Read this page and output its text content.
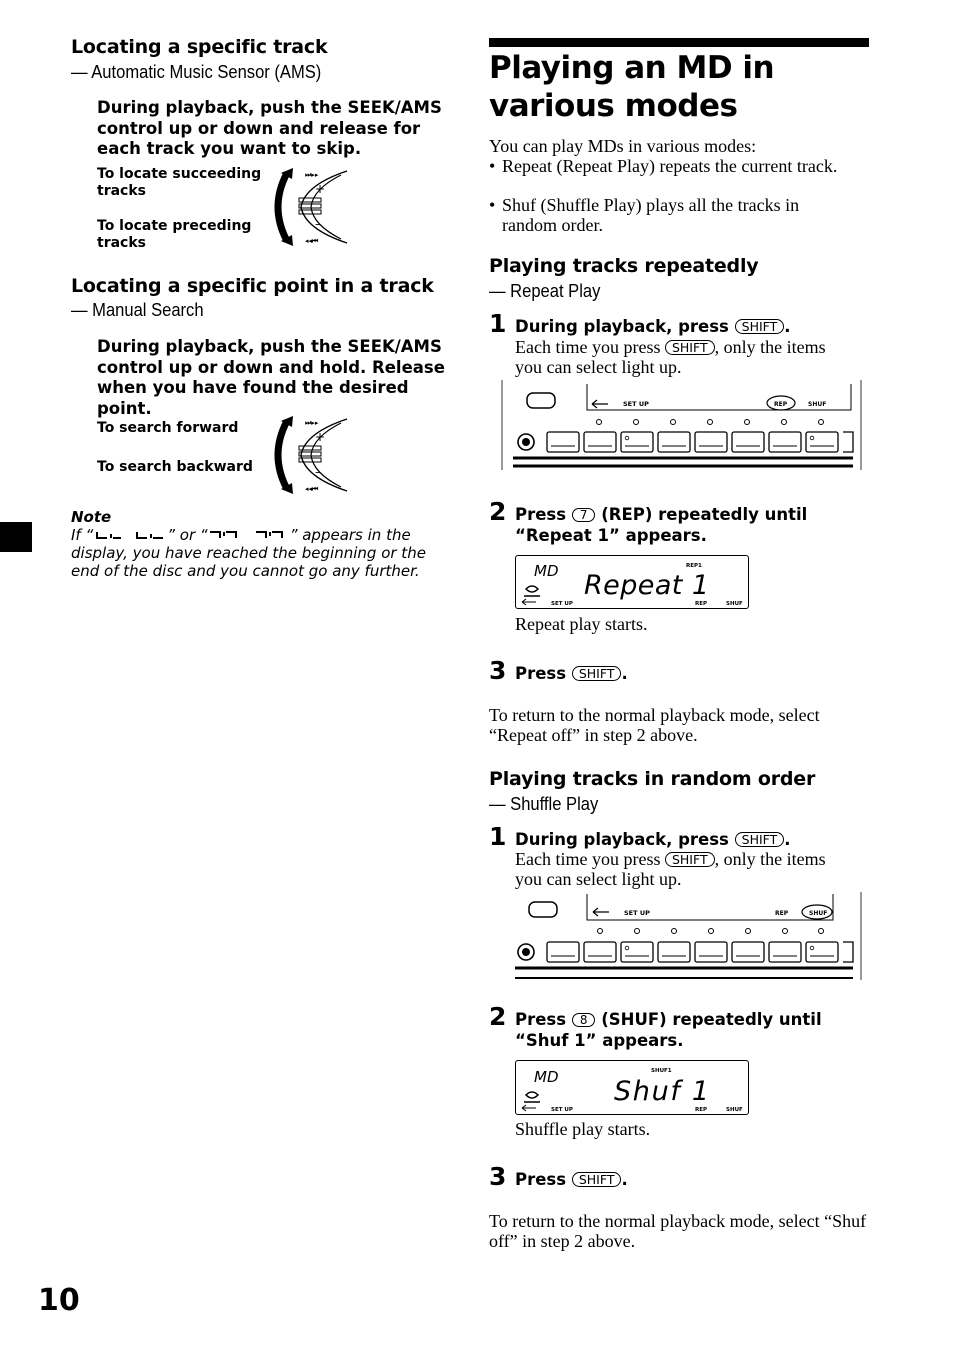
Locating a specific track
— Automatic Music Sensor (AMS)
During playback, push the SEEK/AMS control up or down and release for each track you want to skip.
To locate succeeding tracks
To locate preceding tracks
+
–
⏭▸▸
◂◂⏮
Locating a specific point in a track
— Manual Search
During playback, push the SEEK/AMS control up or down and hold. Release when you have found the desired point.
To search forward
To search backward
+
–
⏭▸▸
◂◂⏮
Note
If “	” or “	” appears in the display, you have reached the beginning or the end of the disc and you cannot go any further.
10
Playing an MD in various modes
You can play MDs in various modes:
• Repeat (Repeat Play) repeats the current track.
• Shuf (Shuffle Play) plays all the tracks in random order.
Playing tracks repeatedly
— Repeat Play
1 During playback, press SHIFT .
Each time you press SHIFT , only the items you can select light up.
SET UP	REP	SHUF
2 Press 7 (REP) repeatedly until
“Repeat 1” appears.
MD	REP1
Repeat 1
SET UP	REP	SHUF
Repeat play starts.
3 Press SHIFT .
To return to the normal playback mode, select “Repeat off” in step 2 above.
Playing tracks in random order
— Shuffle Play
1 During playback, press SHIFT .
Each time you press SHIFT , only the items you can select light up.
SET UP	REP	SHUF
2 Press 8 (SHUF) repeatedly until
“Shuf 1” appears.
MD	SHUF1
Shuf 1
SET UP	REP	SHUF
Shuffle play starts.
3 Press SHIFT .
To return to the normal playback mode, select “Shuf off” in step 2 above.
